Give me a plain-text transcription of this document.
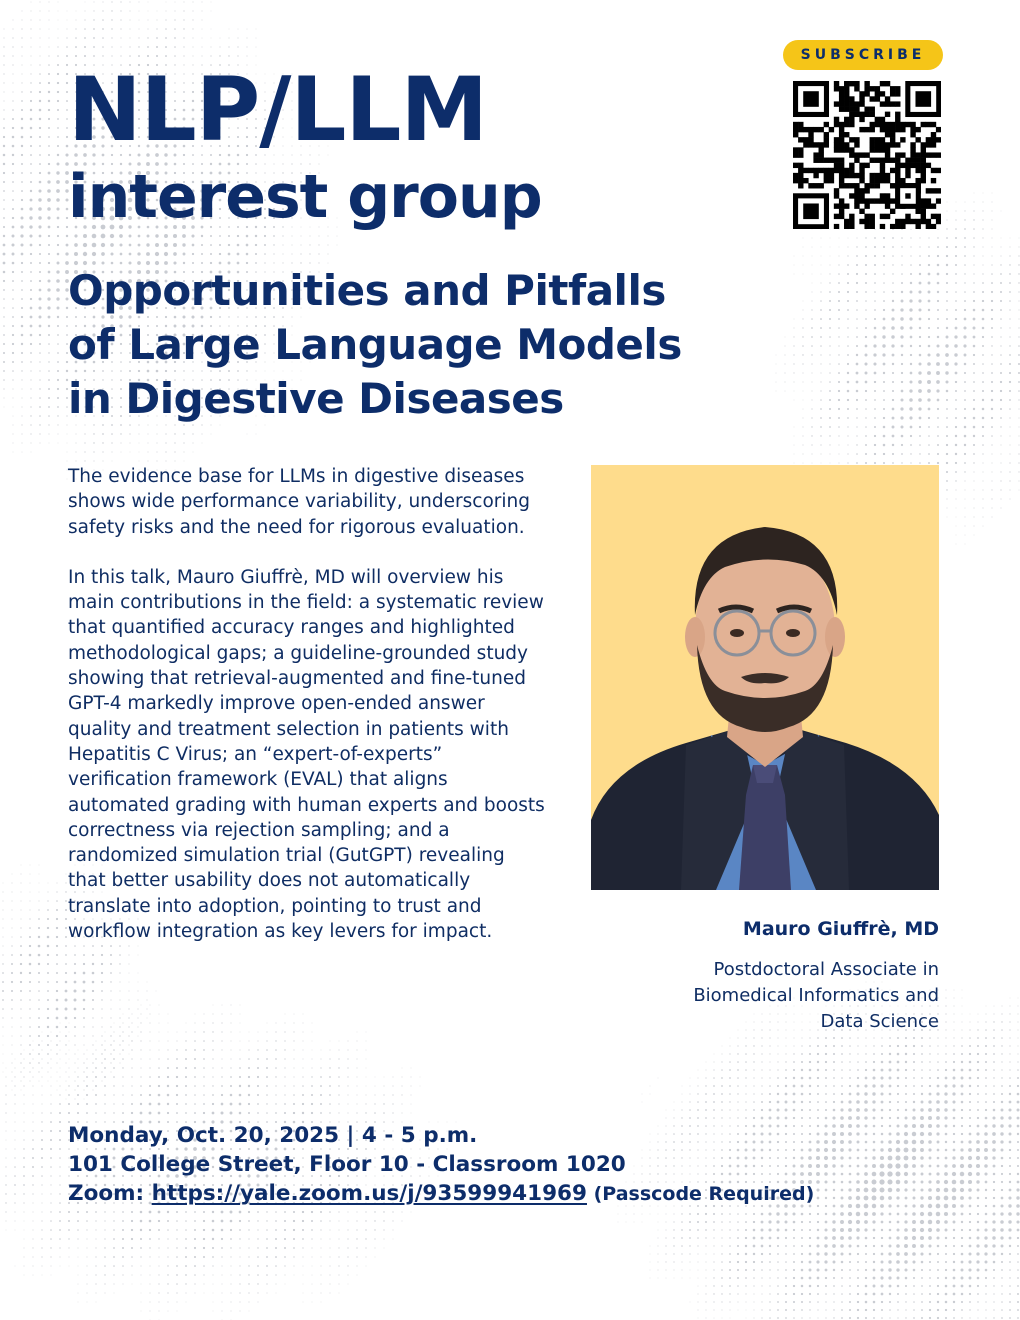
NLP/LLM
interest group
SUBSCRIBE
Opportunities and Pitfalls
of Large Language Models
in Digestive Diseases

The evidence base for LLMs in digestive diseases shows wide performance variability, underscoring safety risks and the need for rigorous evaluation.

In this talk, Mauro Giuffrè, MD will overview his main contributions in the field: a systematic review that quantified accuracy ranges and highlighted methodological gaps; a guideline-grounded study showing that retrieval-augmented and fine-tuned GPT-4 markedly improve open-ended answer quality and treatment selection in patients with Hepatitis C Virus; an “expert-of-experts” verification framework (EVAL) that aligns automated grading with human experts and boosts correctness via rejection sampling; and a randomized simulation trial (GutGPT) revealing that better usability does not automatically translate into adoption, pointing to trust and workflow integration as key levers for impact.	Mauro Giuffrè, MD
Postdoctoral Associate in
Biomedical Informatics and
Data Science
Monday, Oct. 20, 2025 | 4 - 5 p.m.
101 College Street, Floor 10 - Classroom 1020
Zoom: https://yale.zoom.us/j/93599941969 (Passcode Required)
